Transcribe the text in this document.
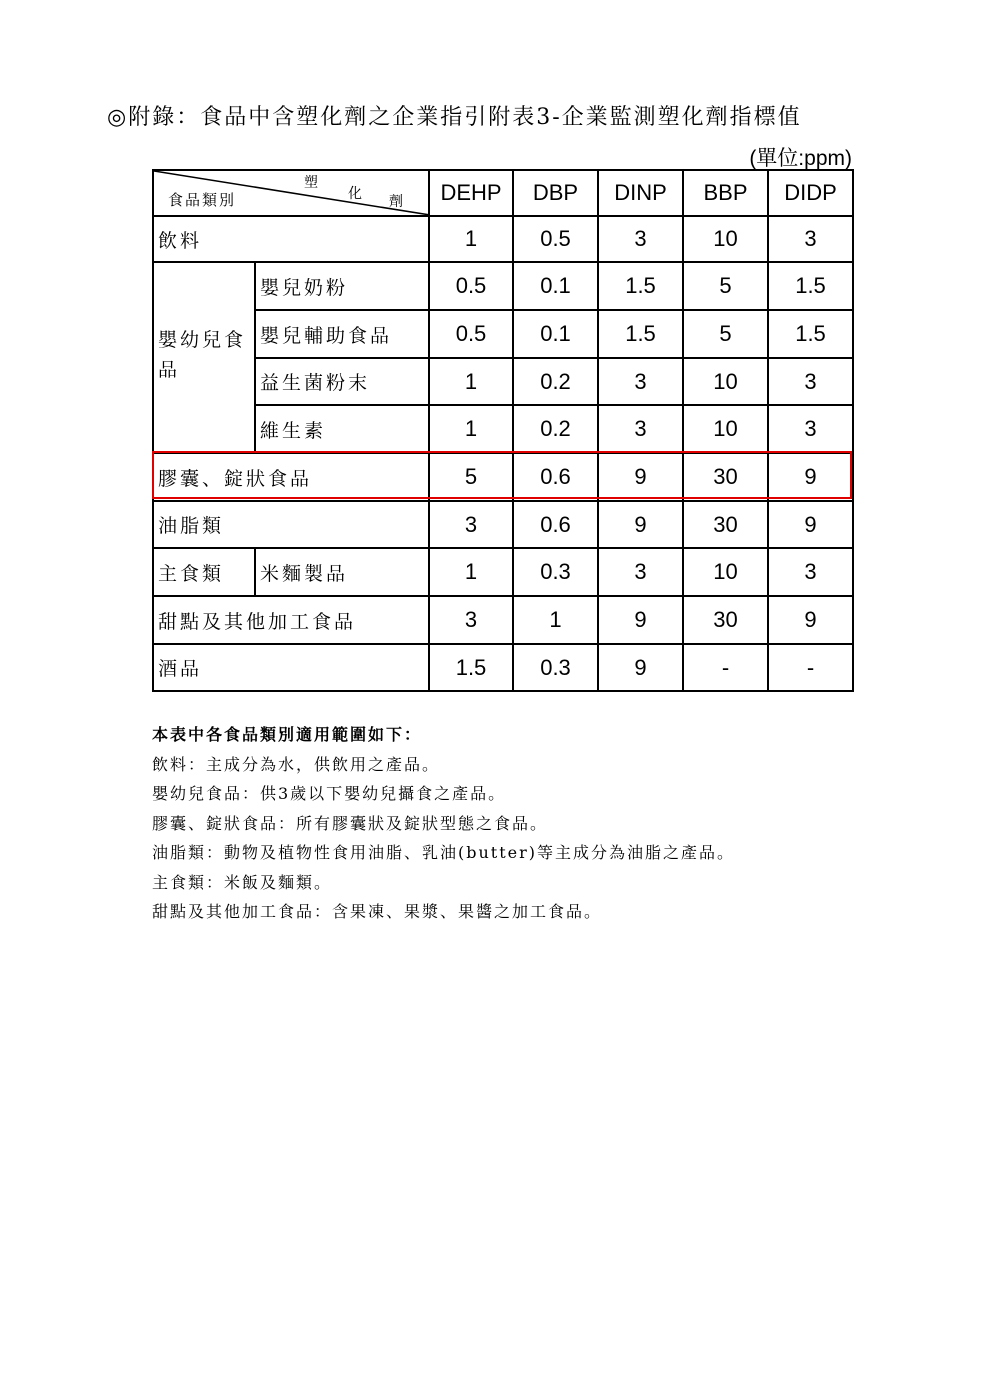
◎附錄：食品中含塑化劑之企業指引附表3-企業監測塑化劑指標值
(單位:ppm)
塑
化 劑
食品類別		DEHP	DBP	DINP	BBP	DIDP
飲料		1	0.5	3	10	3
嬰幼兒食品	嬰兒奶粉	0.5	0.1	1.5	5	1.5
	嬰兒輔助食品	0.5	0.1	1.5	5	1.5
	益生菌粉末	1	0.2	3	10	3
	維生素	1	0.2	3	10	3
膠囊、錠狀食品		5	0.6	9	30	9
油脂類		3	0.6	9	30	9
主食類	米麵製品	1	0.3	3	10	3
甜點及其他加工食品		3	1	9	30	9
酒品		1.5	0.3	9	-	-
本表中各食品類別適用範圍如下：
飲料：主成分為水，供飲用之產品。
嬰幼兒食品：供3歲以下嬰幼兒攝食之產品。
膠囊、錠狀食品：所有膠囊狀及錠狀型態之食品。
油脂類：動物及植物性食用油脂、乳油(butter)等主成分為油脂之產品。
主食類：米飯及麵類。
甜點及其他加工食品：含果凍、果漿、果醬之加工食品。
